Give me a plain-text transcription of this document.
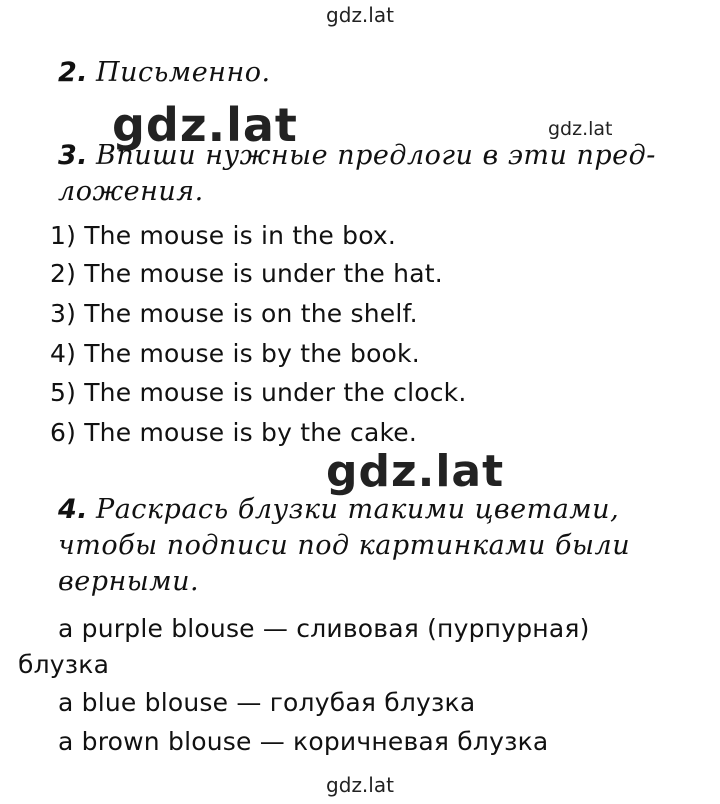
gdz.lat
2. Письменно.
gdz.lat	gdz.lat
3. Впиши нужные предлоги в эти пред-
ложения.
1) The mouse is in the box.
2) The mouse is under the hat.
3) The mouse is on the shelf.
4) The mouse is by the book.
5) The mouse is under the clock.
6) The mouse is by the cake.
gdz.lat
4. Раскрась блузки такими цветами,
чтобы подписи под картинками были
верными.
a purple blouse — сливовая (пурпурная)
блузка
a blue blouse — голубая блузка
a brown blouse — коричневая блузка
gdz.lat
